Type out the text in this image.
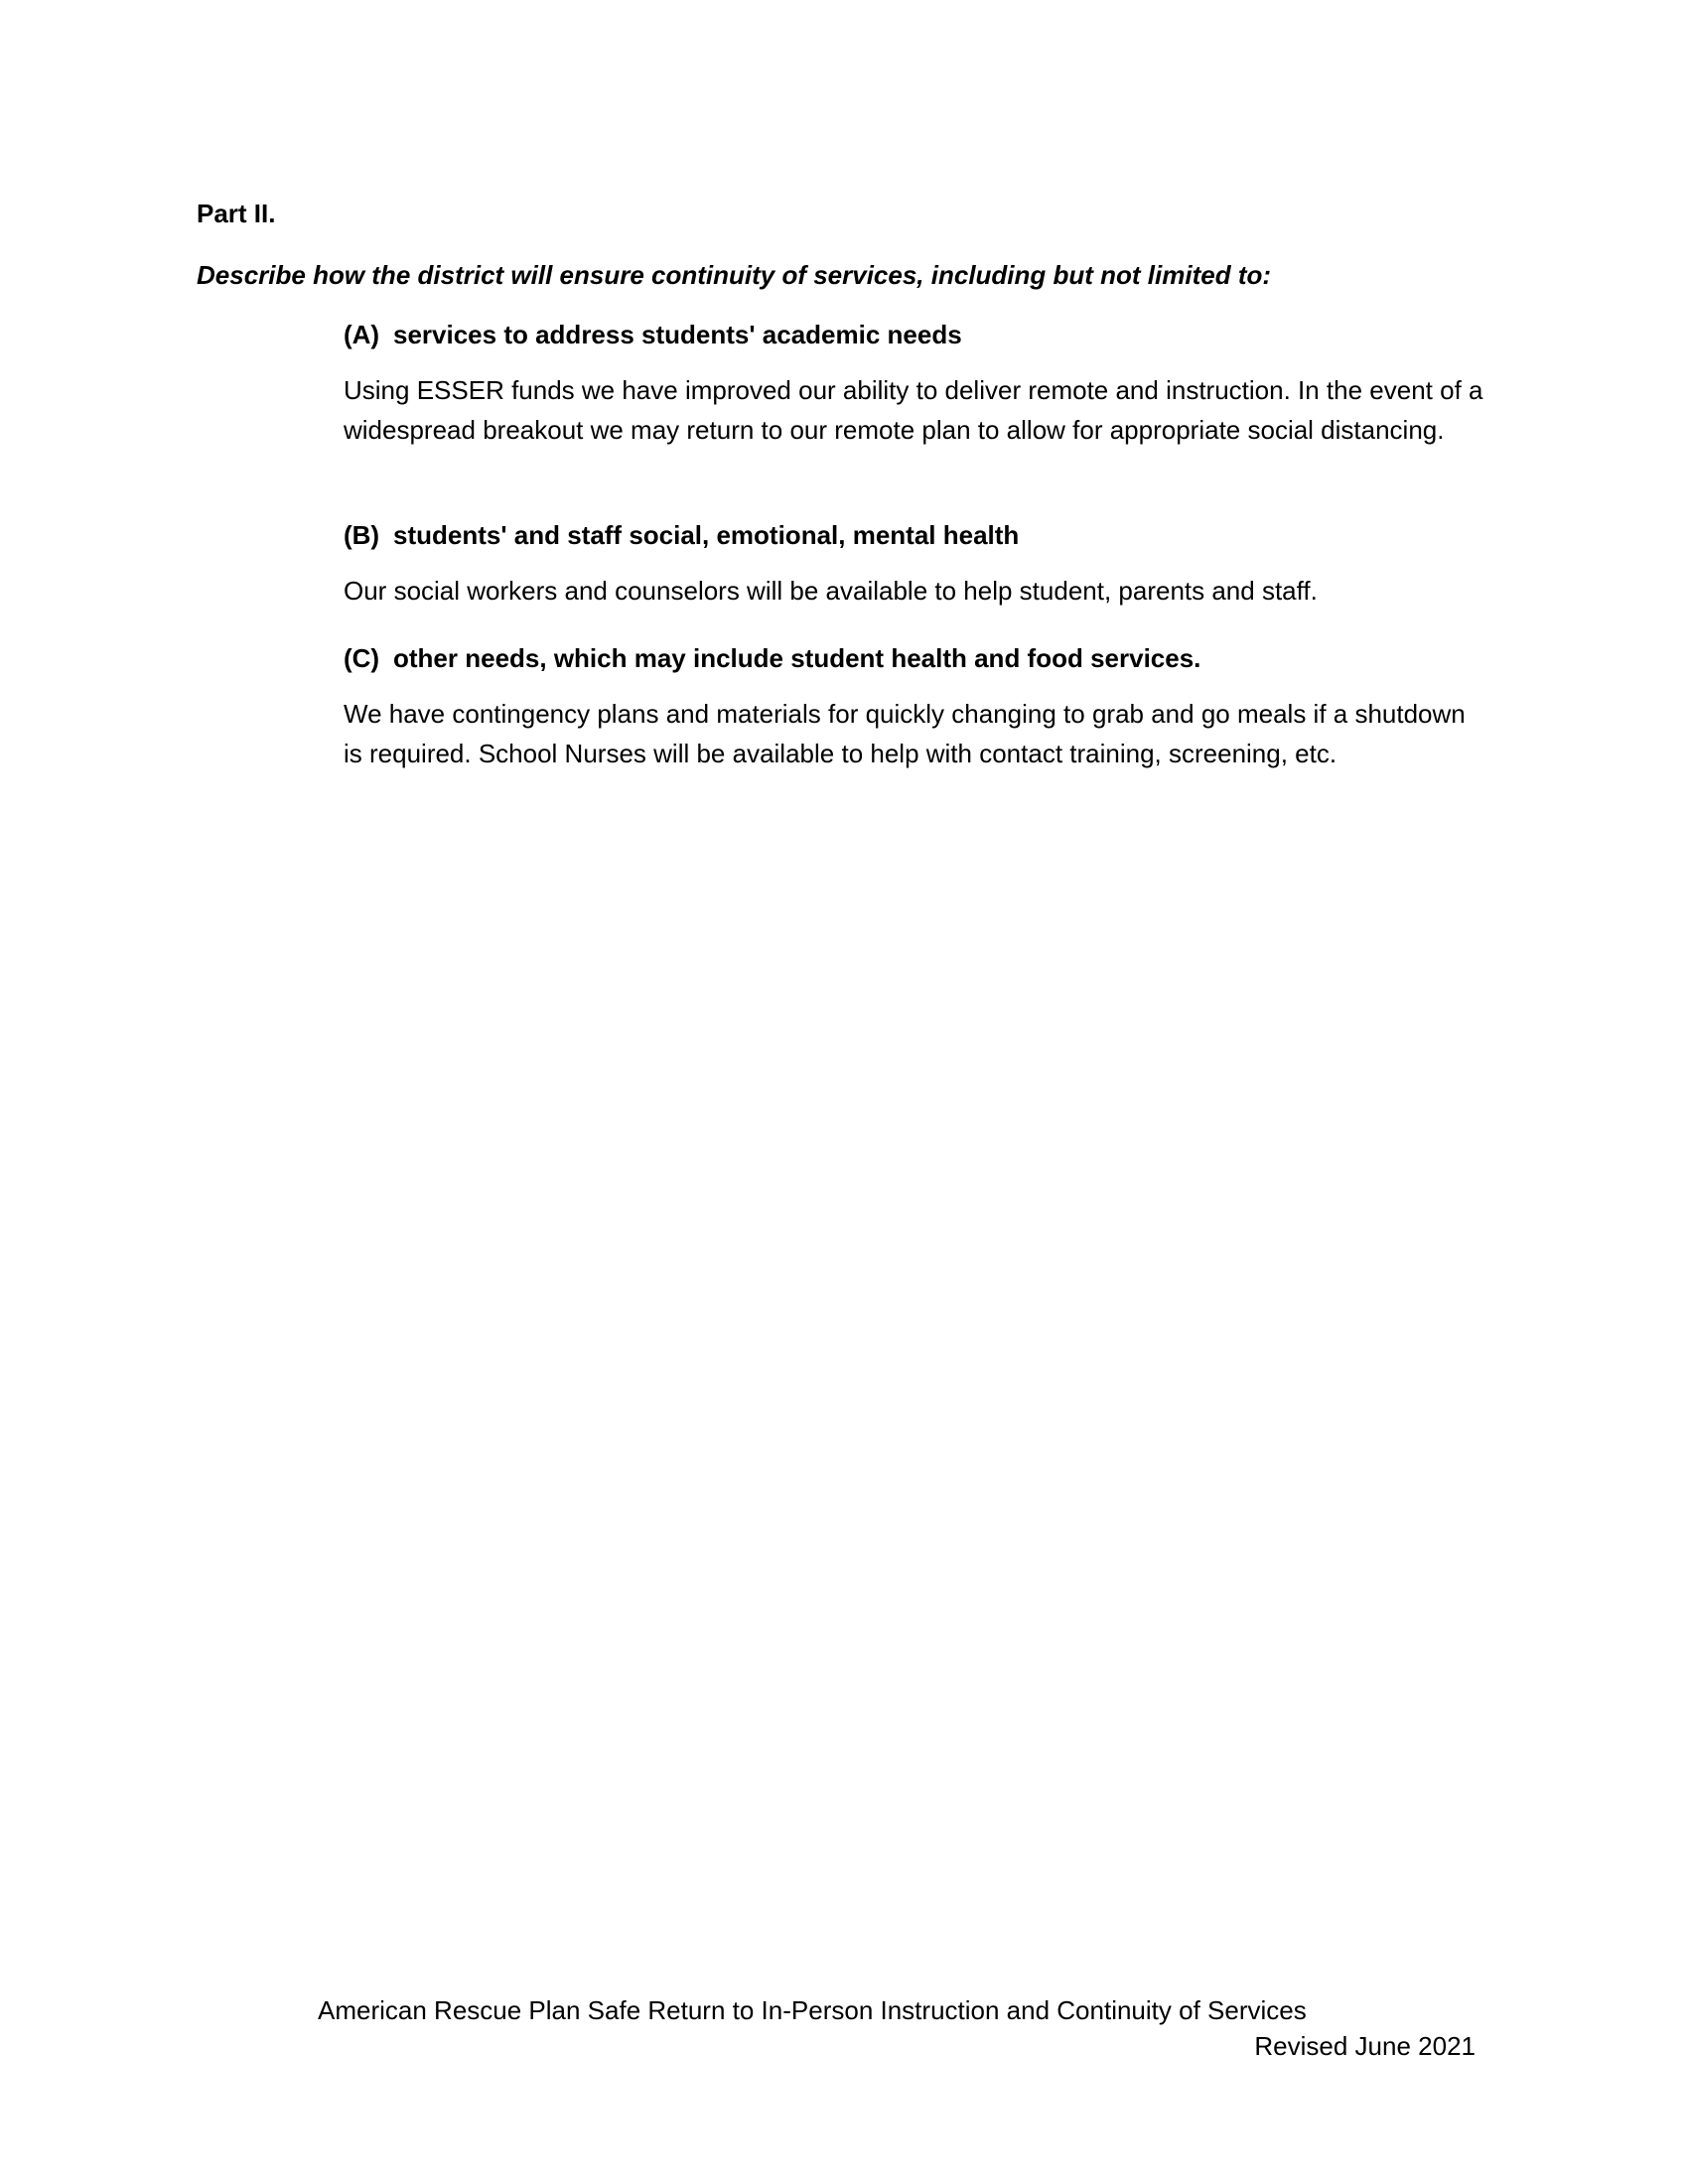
Part II.

Describe how the district will ensure continuity of services, including but not limited to:

(A) services to address students' academic needs

Using ESSER funds we have improved our ability to deliver remote and instruction. In the event of a widespread breakout we may return to our remote plan to allow for appropriate social distancing.

(B) students' and staff social, emotional, mental health

Our social workers and counselors will be available to help student, parents and staff.

(C) other needs, which may include student health and food services.

We have contingency plans and materials for quickly changing to grab and go meals if a shutdown is required. School Nurses will be available to help with contact training, screening, etc.

American Rescue Plan Safe Return to In-Person Instruction and Continuity of Services

Revised June 2021
